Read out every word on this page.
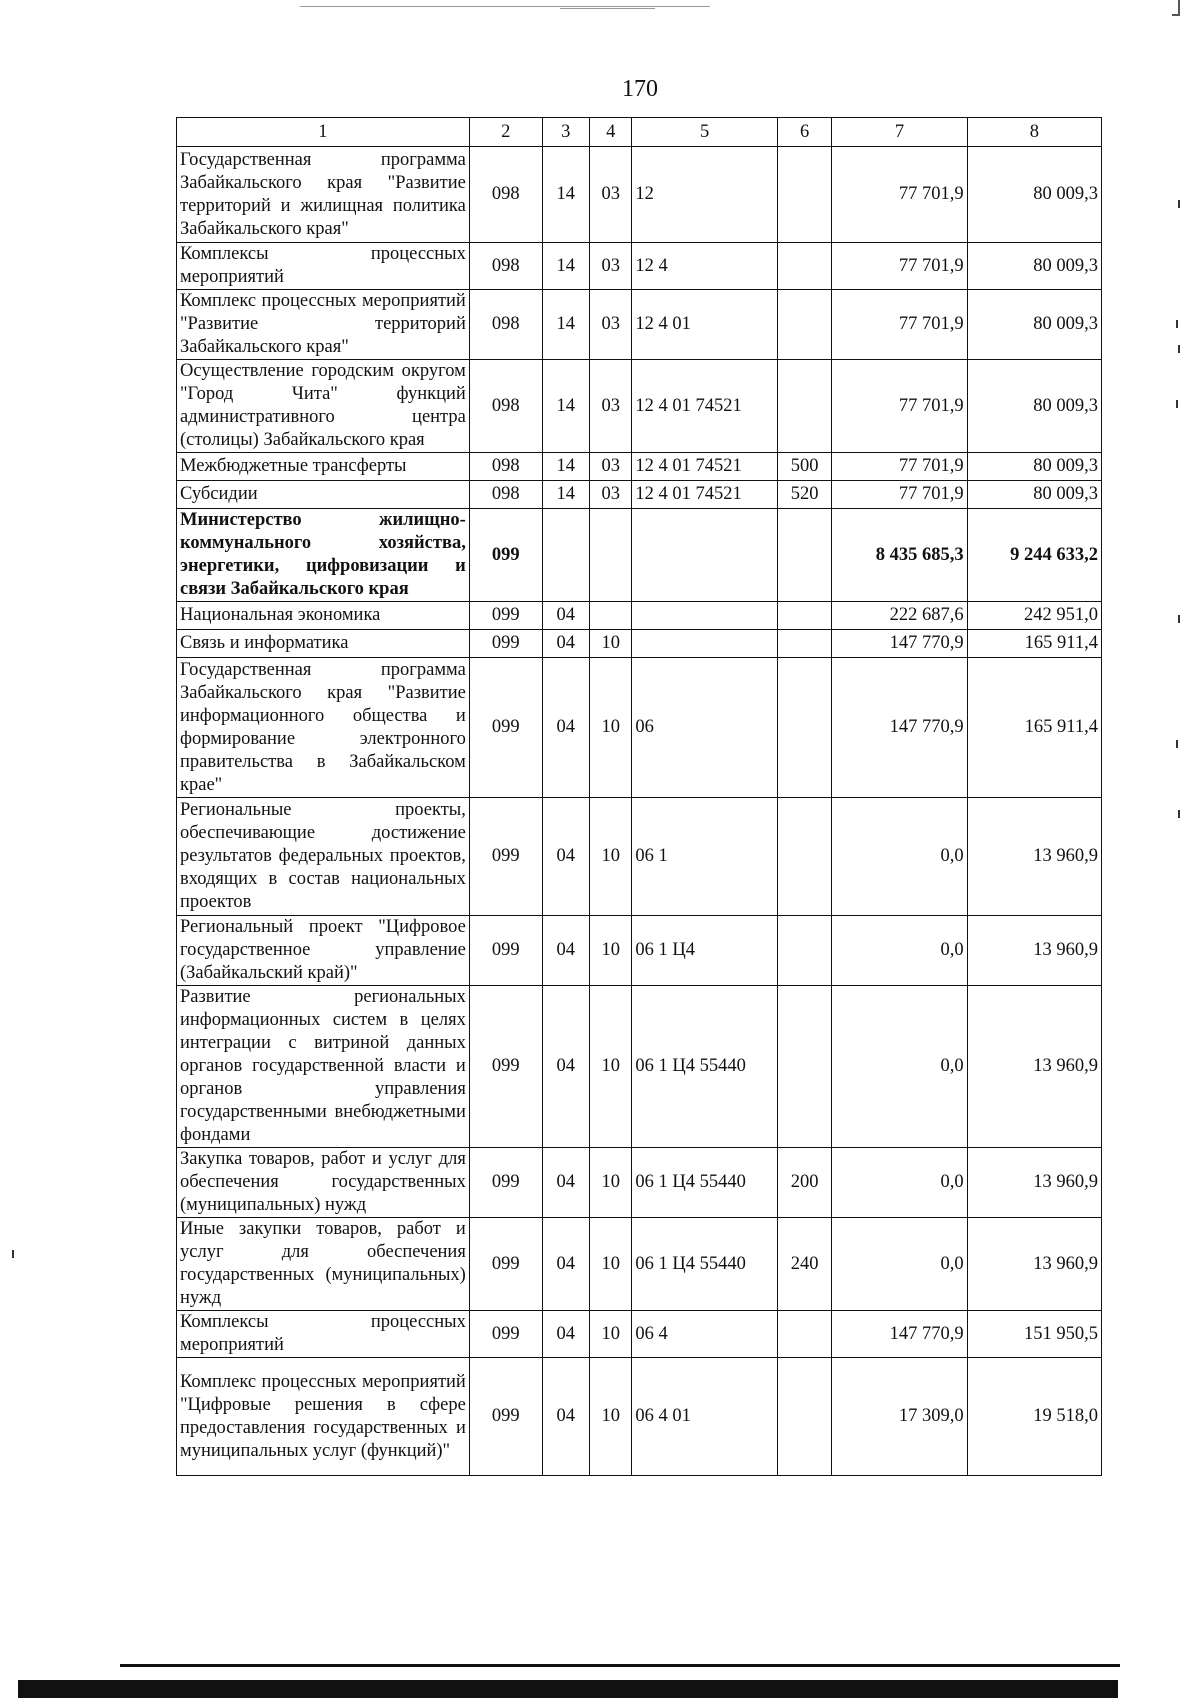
170
1	2	3	4	5	6	7	8
Государственная программа Забайкальского края "Развитие территорий и жилищная политика Забайкальского края"	098	14	03	12		77 701,9	80 009,3
Комплексы процессных мероприятий	098	14	03	12 4		77 701,9	80 009,3
Комплекс процессных мероприятий "Развитие территорий Забайкальского края"	098	14	03	12 4 01		77 701,9	80 009,3
Осуществление городским округом "Город Чита" функций административного центра (столицы) Забайкальского края	098	14	03	12 4 01 74521		77 701,9	80 009,3
Межбюджетные трансферты	098	14	03	12 4 01 74521	500	77 701,9	80 009,3
Субсидии	098	14	03	12 4 01 74521	520	77 701,9	80 009,3
Министерство жилищно-коммунального хозяйства, энергетики, цифровизации и связи Забайкальского края	099					8 435 685,3	9 244 633,2
Национальная экономика	099	04				222 687,6	242 951,0
Связь и информатика	099	04	10			147 770,9	165 911,4
Государственная программа Забайкальского края "Развитие информационного общества и формирование электронного правительства в Забайкальском крае"	099	04	10	06		147 770,9	165 911,4
Региональные проекты, обеспечивающие достижение результатов федеральных проектов, входящих в состав национальных проектов	099	04	10	06 1		0,0	13 960,9
Региональный проект "Цифровое государственное управление (Забайкальский край)"	099	04	10	06 1 Ц4		0,0	13 960,9
Развитие региональных информационных систем в целях интеграции с витриной данных органов государственной власти и органов управления государственными внебюджетными фондами	099	04	10	06 1 Ц4 55440		0,0	13 960,9
Закупка товаров, работ и услуг для обеспечения государственных (муниципальных) нужд	099	04	10	06 1 Ц4 55440	200	0,0	13 960,9
Иные закупки товаров, работ и услуг для обеспечения государственных (муниципальных) нужд	099	04	10	06 1 Ц4 55440	240	0,0	13 960,9
Комплексы процессных мероприятий	099	04	10	06 4		147 770,9	151 950,5
Комплекс процессных мероприятий "Цифровые решения в сфере предоставления государственных и муниципальных услуг (функций)"	099	04	10	06 4 01		17 309,0	19 518,0
